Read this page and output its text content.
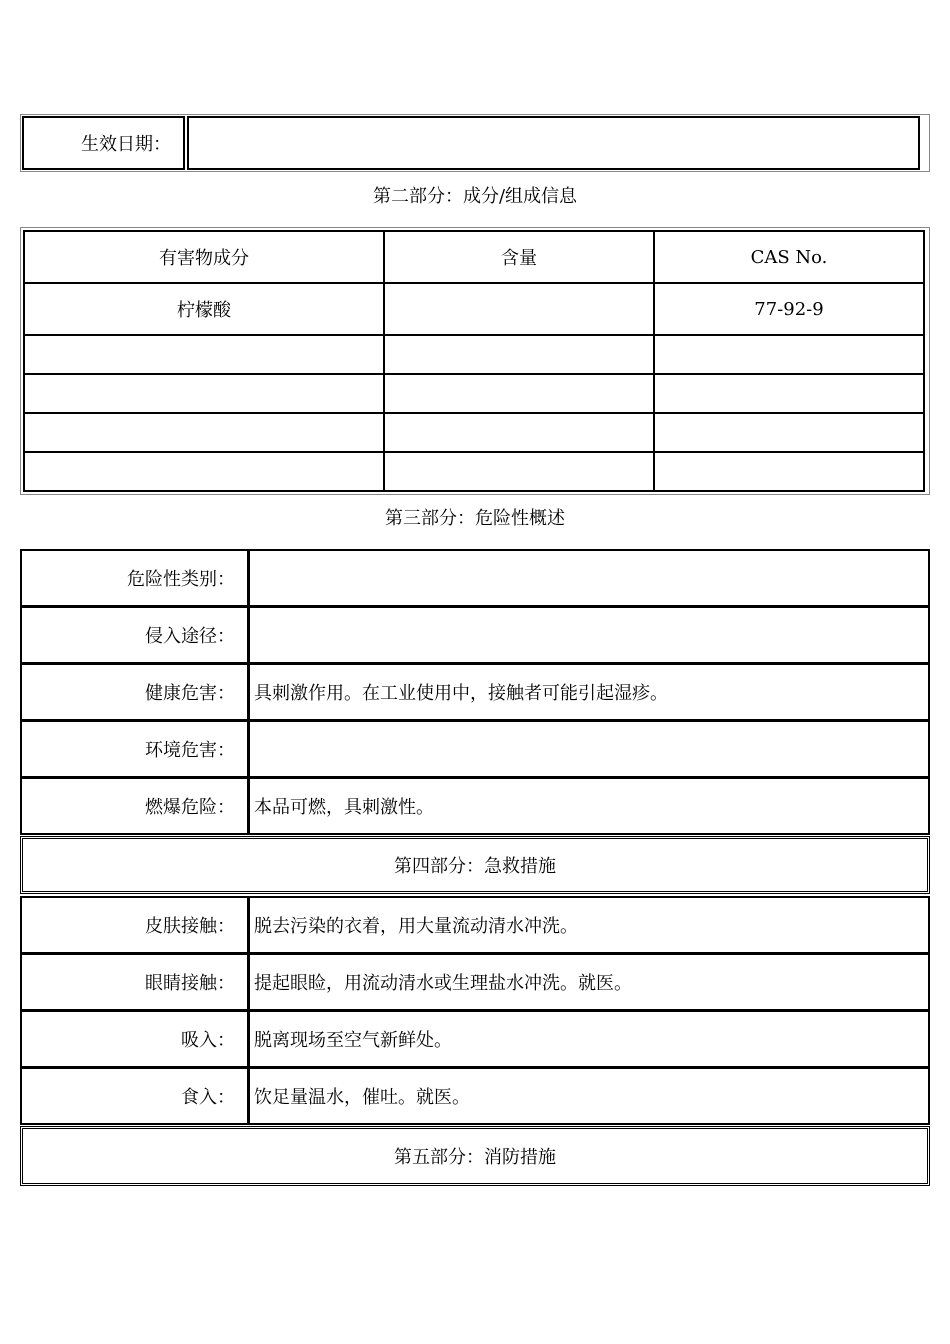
生效日期：
第二部分：成分/组成信息
有害物成分	含量	CAS No.
柠檬酸		77-92-9

第三部分：危险性概述
危险性类别：
侵入途径：
健康危害：	具刺激作用。在工业使用中，接触者可能引起湿疹。
环境危害：
燃爆危险：	本品可燃，具刺激性。
第四部分：急救措施
皮肤接触：	脱去污染的衣着，用大量流动清水冲洗。
眼睛接触：	提起眼睑，用流动清水或生理盐水冲洗。就医。
吸入：	脱离现场至空气新鲜处。
食入：	饮足量温水，催吐。就医。
第五部分：消防措施
